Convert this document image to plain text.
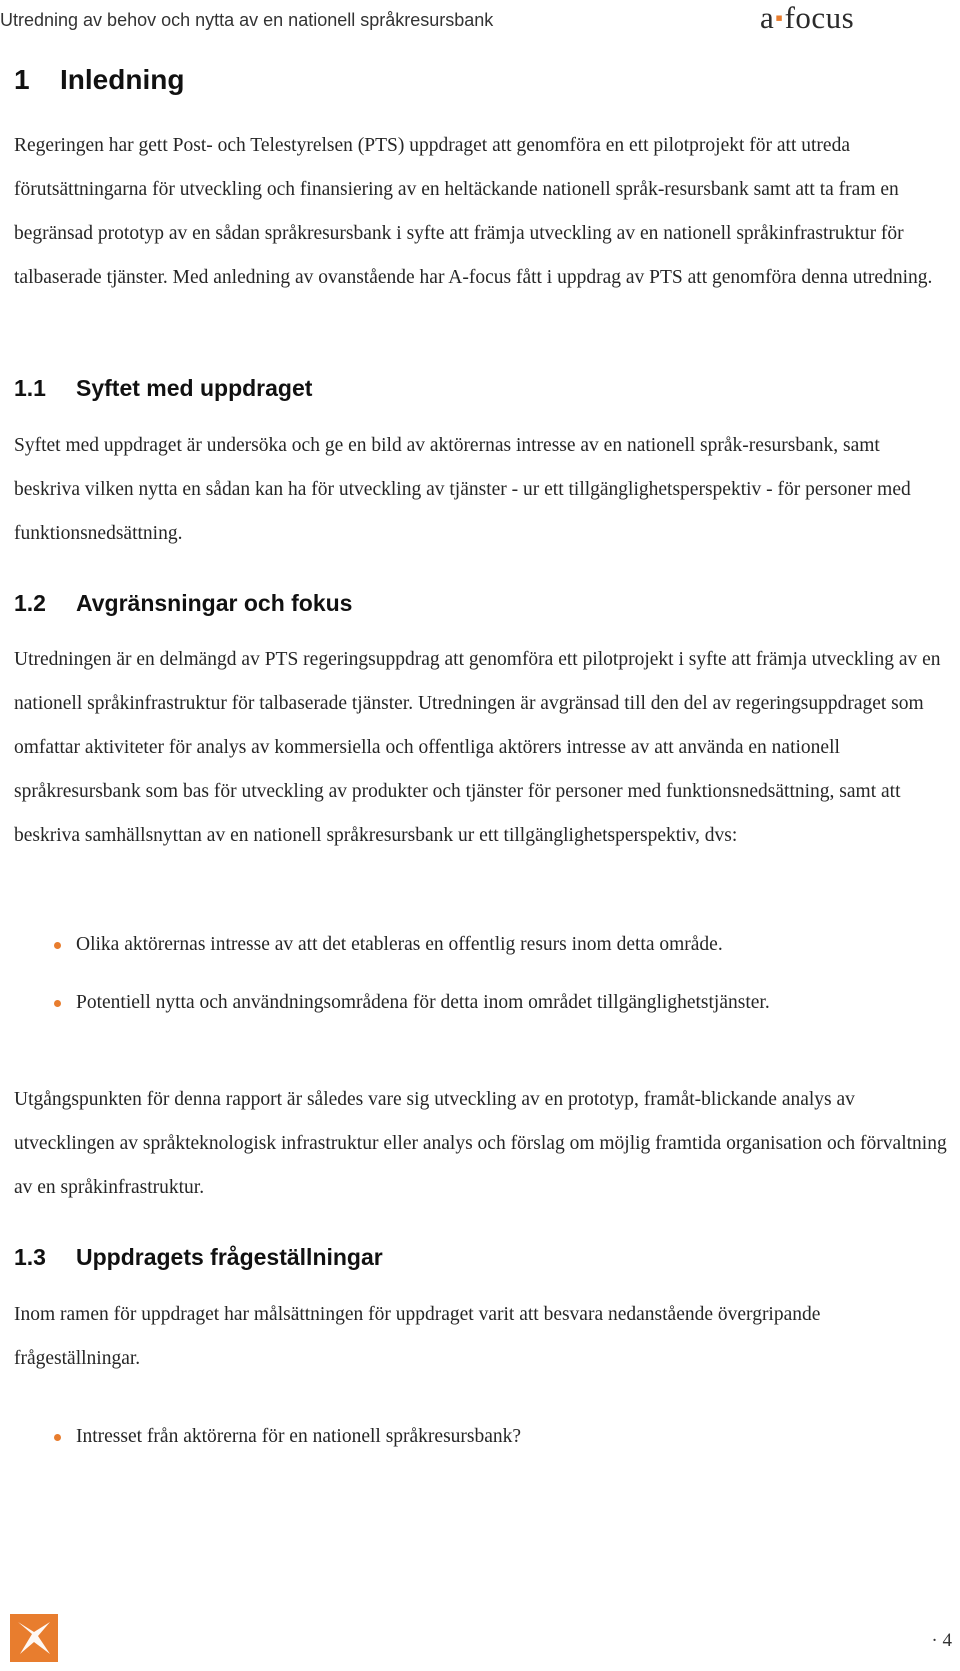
Utredning av behov och nytta av en nationell språkresursbank	a▪focus
1 Inledning

Regeringen har gett Post- och Telestyrelsen (PTS) uppdraget att genomföra en ett pilotprojekt för att utreda förutsättningarna för utveckling och finansiering av en heltäckande nationell språk-resursbank samt att ta fram en begränsad prototyp av en sådan språkresursbank i syfte att främja utveckling av en nationell språkinfrastruktur för talbaserade tjänster. Med anledning av ovanstående har A-focus fått i uppdrag av PTS att genomföra denna utredning.

1.1 Syftet med uppdraget

Syftet med uppdraget är undersöka och ge en bild av aktörernas intresse av en nationell språk-resursbank, samt beskriva vilken nytta en sådan kan ha för utveckling av tjänster - ur ett tillgänglighetsperspektiv - för personer med funktionsnedsättning.

1.2 Avgränsningar och fokus

Utredningen är en delmängd av PTS regeringsuppdrag att genomföra ett pilotprojekt i syfte att främja utveckling av en nationell språkinfrastruktur för talbaserade tjänster. Utredningen är avgränsad till den del av regeringsuppdraget som omfattar aktiviteter för analys av kommersiella och offentliga aktörers intresse av att använda en nationell språkresursbank som bas för utveckling av produkter och tjänster för personer med funktionsnedsättning, samt att beskriva samhällsnyttan av en nationell språkresursbank ur ett tillgänglighetsperspektiv, dvs:

Olika aktörernas intresse av att det etableras en offentlig resurs inom detta område.
Potentiell nytta och användningsområdena för detta inom området tillgänglighetstjänster.

Utgångspunkten för denna rapport är således vare sig utveckling av en prototyp, framåt-blickande analys av utvecklingen av språkteknologisk infrastruktur eller analys och förslag om möjlig framtida organisation och förvaltning av en språkinfrastruktur.

1.3 Uppdragets frågeställningar

Inom ramen för uppdraget har målsättningen för uppdraget varit att besvara nedanstående övergripande frågeställningar.

Intresset från aktörerna för en nationell språkresursbank?
· 4
